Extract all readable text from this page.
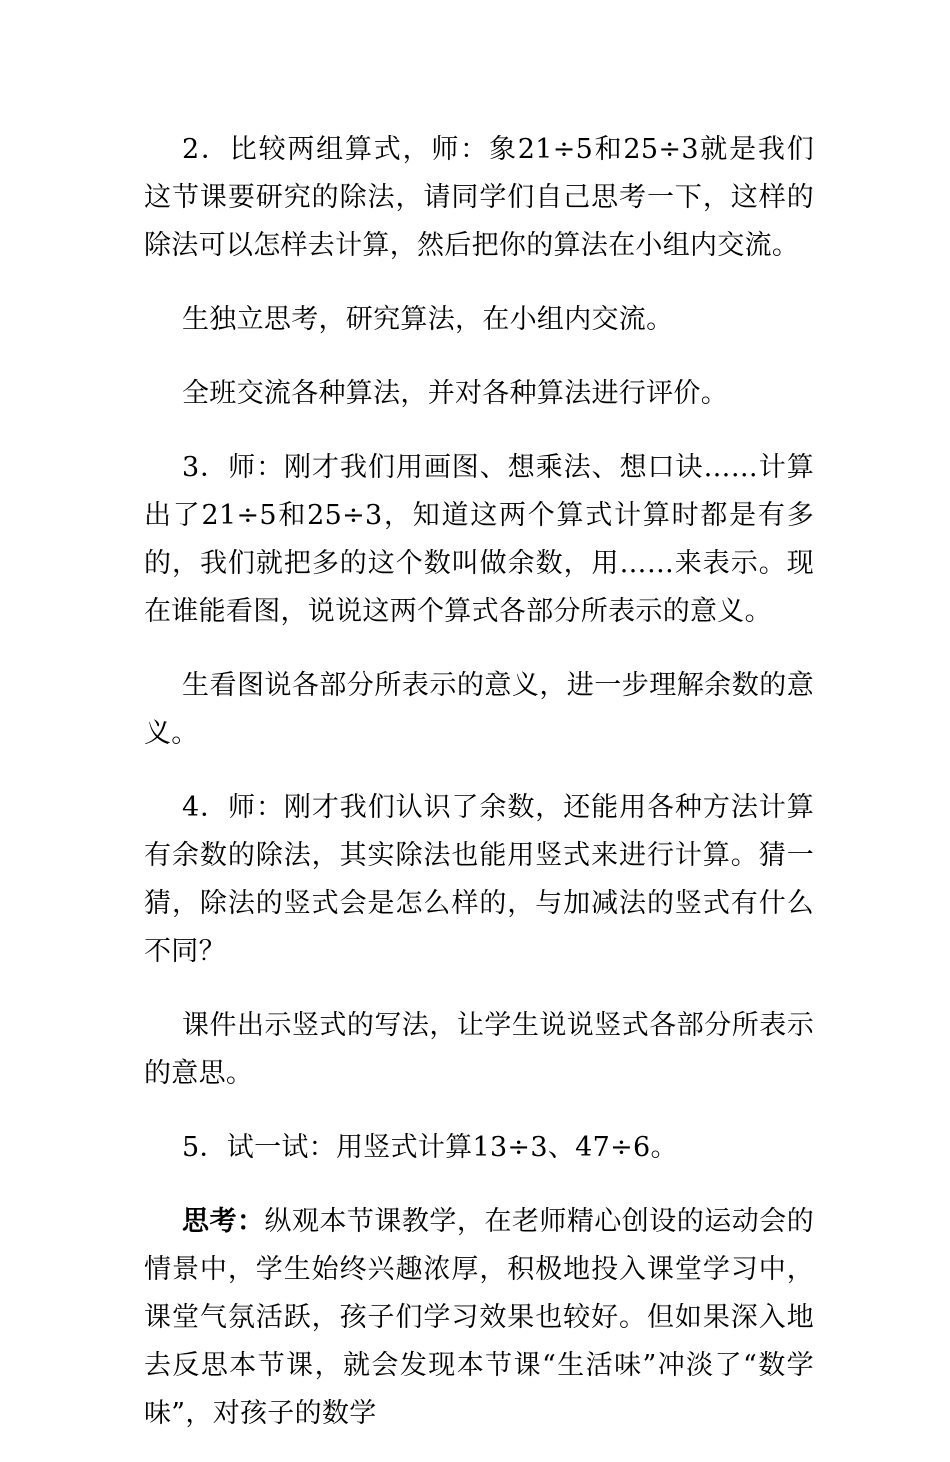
2．比较两组算式，师：象21÷5和25÷3就是我们这节课要研究的除法，请同学们自己思考一下，这样的除法可以怎样去计算，然后把你的算法在小组内交流。

生独立思考，研究算法，在小组内交流。

全班交流各种算法，并对各种算法进行评价。

3．师：刚才我们用画图、想乘法、想口诀……计算出了21÷5和25÷3，知道这两个算式计算时都是有多的，我们就把多的这个数叫做余数，用……来表示。现在谁能看图，说说这两个算式各部分所表示的意义。

生看图说各部分所表示的意义，进一步理解余数的意义。

4．师：刚才我们认识了余数，还能用各种方法计算有余数的除法，其实除法也能用竖式来进行计算。猜一猜，除法的竖式会是怎么样的，与加减法的竖式有什么不同？

课件出示竖式的写法，让学生说说竖式各部分所表示的意思。

5．试一试：用竖式计算13÷3、47÷6。

思考：纵观本节课教学，在老师精心创设的运动会的情景中，学生始终兴趣浓厚，积极地投入课堂学习中，课堂气氛活跃，孩子们学习效果也较好。但如果深入地去反思本节课，就会发现本节课“生活味”冲淡了“数学味”，对孩子的数学
